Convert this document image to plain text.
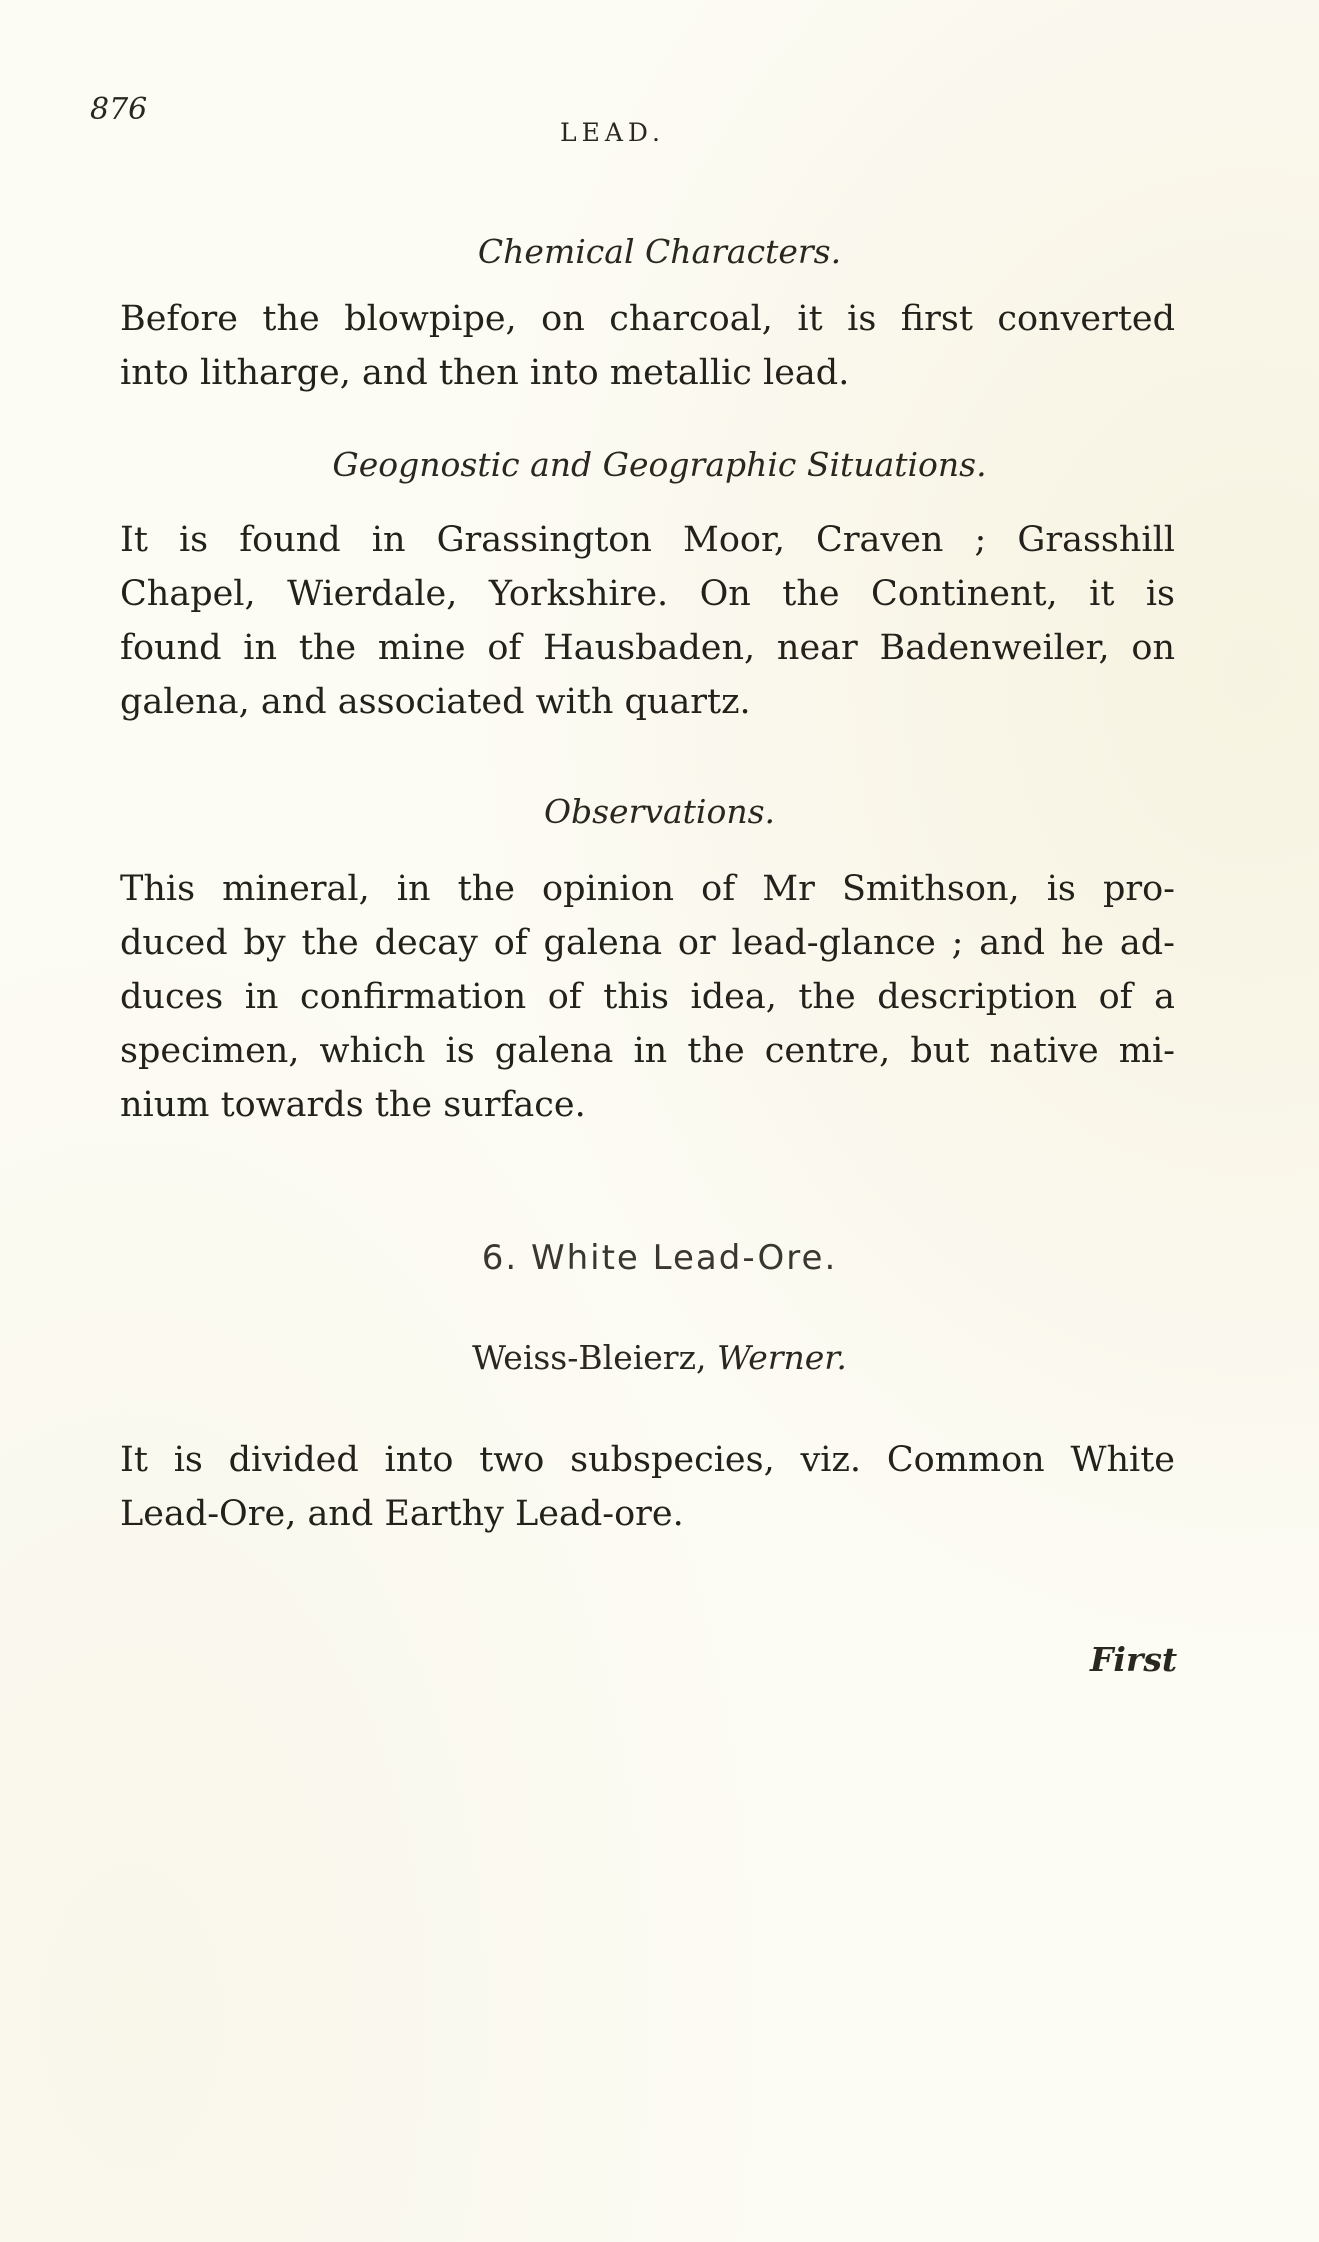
876
LEAD.
Chemical Characters.
Before the blowpipe, on charcoal, it is first converted
into litharge, and then into metallic lead.
Geognostic and Geographic Situations.
It is found in Grassington Moor, Craven ; Grasshill
Chapel, Wierdale, Yorkshire. On the Continent, it is
found in the mine of Hausbaden, near Badenweiler, on
galena, and associated with quartz.
Observations.
This mineral, in the opinion of Mr Smithson, is pro-
duced by the decay of galena or lead-glance ; and he ad-
duces in confirmation of this idea, the description of a
specimen, which is galena in the centre, but native mi-
nium towards the surface.
6. White Lead-Ore.
Weiss-Bleierz, Werner.
It is divided into two subspecies, viz. Common White
Lead-Ore, and Earthy Lead-ore.
First
